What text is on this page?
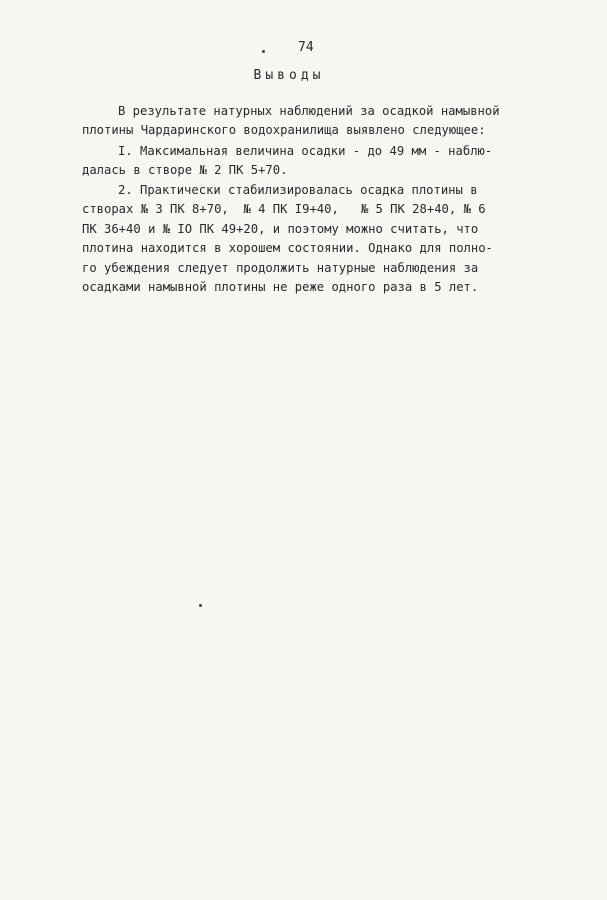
74
Выводы
В результате натурных наблюдений за осадкой намывной
плотины Чардаринского водохранилища выявлено следующее:
I. Максимальная величина осадки - до 49 мм - наблю-
далась в створе № 2 ПК 5+70.
2. Практически стабилизировалась осадка плотины в
створах № 3 ПК 8+70,  № 4 ПК I9+40,   № 5 ПК 28+40, № 6
ПК 36+40 и № IO ПК 49+20, и поэтому можно считать, что
плотина находится в хорошем состоянии. Однако для полно-
го убеждения следует продолжить натурные наблюдения за
осадками намывной плотины не реже одного раза в 5 лет.
